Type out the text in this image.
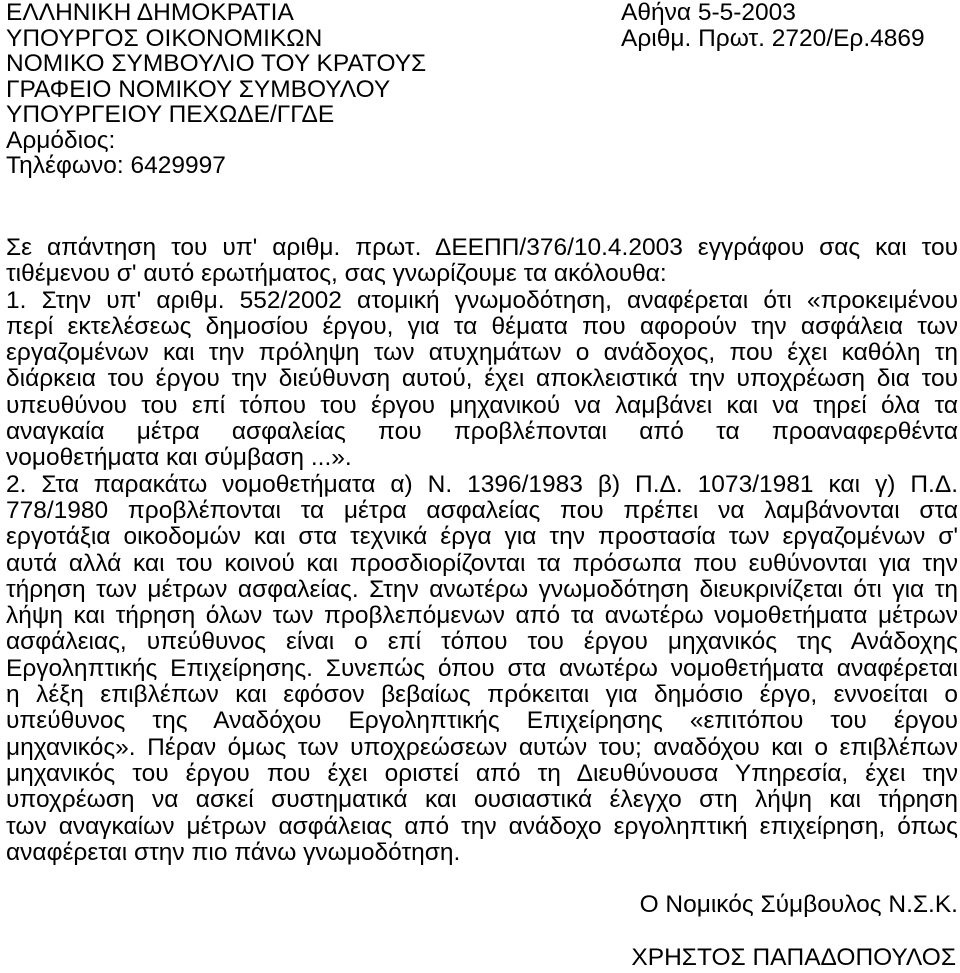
ΕΛΛΗΝΙΚΗ ΔΗΜΟΚΡΑΤΙΑ
ΥΠΟΥΡΓΟΣ ΟΙΚΟΝΟΜΙΚΩΝ
ΝΟΜΙΚΟ ΣΥΜΒΟΥΛΙΟ ΤΟΥ ΚΡΑΤΟΥΣ
ΓΡΑΦΕΙΟ ΝΟΜΙΚΟΥ ΣΥΜΒΟΥΛΟΥ
ΥΠΟΥΡΓΕΙΟΥ ΠΕΧΩΔΕ/ΓΓΔΕ
Αρμόδιος:
Τηλέφωνο: 6429997
Αθήνα 5-5-2003
Αριθμ. Πρωτ. 2720/Ερ.4869
Σε απάντηση του υπ' αριθμ. πρωτ. ΔΕΕΠΠ/376/10.4.2003 εγγράφου σας και του
τιθέμενου σ' αυτό ερωτήματος, σας γνωρίζουμε τα ακόλουθα:
1. Στην υπ' αριθμ. 552/2002 ατομική γνωμοδότηση, αναφέρεται ότι «προκειμένου
περί εκτελέσεως δημοσίου έργου, για τα θέματα που αφορούν την ασφάλεια των
εργαζομένων και την πρόληψη των ατυχημάτων ο ανάδοχος, που έχει καθόλη τη
διάρκεια του έργου την διεύθυνση αυτού, έχει αποκλειστικά την υποχρέωση δια του
υπευθύνου του επί τόπου του έργου μηχανικού να λαμβάνει και να τηρεί όλα τα
αναγκαία μέτρα ασφαλείας που προβλέπονται από τα προαναφερθέντα
νομοθετήματα και σύμβαση ...».
2. Στα παρακάτω νομοθετήματα α) Ν. 1396/1983 β) Π.Δ. 1073/1981 και γ) Π.Δ.
778/1980 προβλέπονται τα μέτρα ασφαλείας που πρέπει να λαμβάνονται στα
εργοτάξια οικοδομών και στα τεχνικά έργα για την προστασία των εργαζομένων σ'
αυτά αλλά και του κοινού και προσδιορίζονται τα πρόσωπα που ευθύνονται για την
τήρηση των μέτρων ασφαλείας. Στην ανωτέρω γνωμοδότηση διευκρινίζεται ότι για τη
λήψη και τήρηση όλων των προβλεπόμενων από τα ανωτέρω νομοθετήματα μέτρων
ασφάλειας, υπεύθυνος είναι ο επί τόπου του έργου μηχανικός της Ανάδοχης
Εργοληπτικής Επιχείρησης. Συνεπώς όπου στα ανωτέρω νομοθετήματα αναφέρεται
η λέξη επιβλέπων και εφόσον βεβαίως πρόκειται για δημόσιο έργο, εννοείται ο
υπεύθυνος της Αναδόχου Εργοληπτικής Επιχείρησης «επιτόπου του έργου
μηχανικός». Πέραν όμως των υποχρεώσεων αυτών του; αναδόχου και ο επιβλέπων
μηχανικός του έργου που έχει οριστεί από τη Διευθύνουσα Υπηρεσία, έχει την
υποχρέωση να ασκεί συστηματικά και ουσιαστικά έλεγχο στη λήψη και τήρηση
των αναγκαίων μέτρων ασφάλειας από την ανάδοχο εργοληπτική επιχείρηση, όπως
αναφέρεται στην πιο πάνω γνωμοδότηση.
Ο Νομικός Σύμβουλος Ν.Σ.Κ.
ΧΡΗΣΤΟΣ ΠΑΠΑΔΟΠΟΥΛΟΣ
